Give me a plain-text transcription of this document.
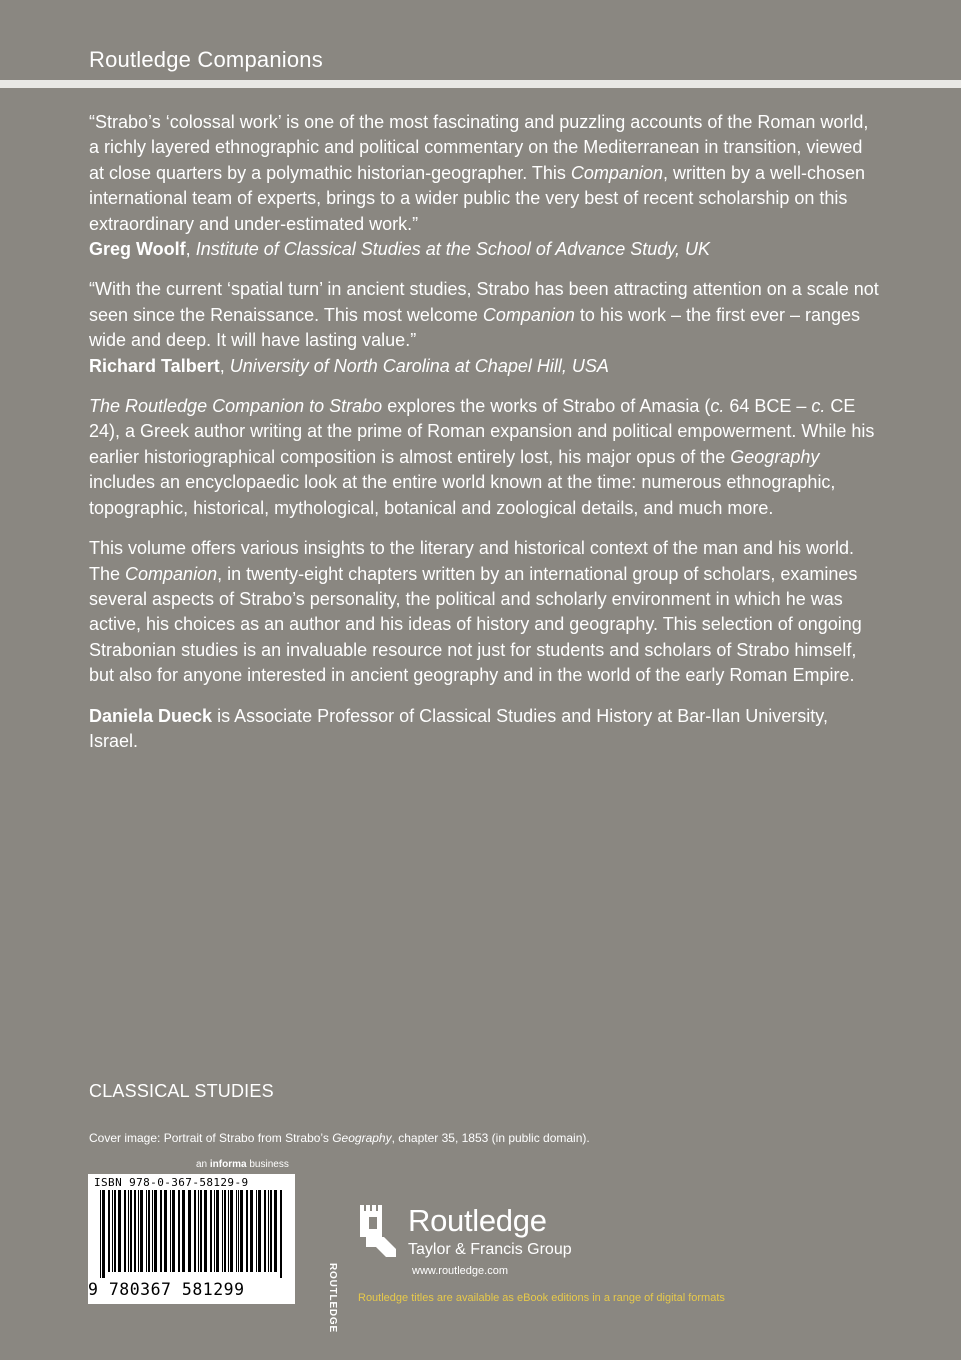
Routledge Companions

“Strabo’s ‘colossal work’ is one of the most fascinating and puzzling accounts of the Roman world, a richly layered ethnographic and political commentary on the Mediterranean in transition, viewed at close quarters by a polymathic historian-geographer. This Companion, written by a well-chosen international team of experts, brings to a wider public the very best of recent scholarship on this extraordinary and under-estimated work.”
Greg Woolf, Institute of Classical Studies at the School of Advance Study, UK

“With the current ‘spatial turn’ in ancient studies, Strabo has been attracting attention on a scale not seen since the Renaissance. This most welcome Companion to his work – the first ever – ranges wide and deep. It will have lasting value.”
Richard Talbert, University of North Carolina at Chapel Hill, USA

The Routledge Companion to Strabo explores the works of Strabo of Amasia (c. 64 BCE – c. CE 24), a Greek author writing at the prime of Roman expansion and political empowerment. While his earlier historiographical composition is almost entirely lost, his major opus of the Geography includes an encyclopaedic look at the entire world known at the time: numerous ethnographic, topographic, historical, mythological, botanical and zoological details, and much more.

This volume offers various insights to the literary and historical context of the man and his world. The Companion, in twenty-eight chapters written by an international group of scholars, examines several aspects of Strabo’s personality, the political and scholarly environment in which he was active, his choices as an author and his ideas of history and geography. This selection of ongoing Strabonian studies is an invaluable resource not just for students and scholars of Strabo himself, but also for anyone interested in ancient geography and in the world of the early Roman Empire.

Daniela Dueck is Associate Professor of Classical Studies and History at Bar-Ilan University, Israel.

CLASSICAL STUDIES
Cover image: Portrait of Strabo from Strabo’s Geography, chapter 35, 1853 (in public domain).
an informa business
ISBN 978-0-367-58129-9
9 780367 581299	ROUTLEDGE
Routledge
Taylor & Francis Group
www.routledge.com
Routledge titles are available as eBook editions in a range of digital formats
